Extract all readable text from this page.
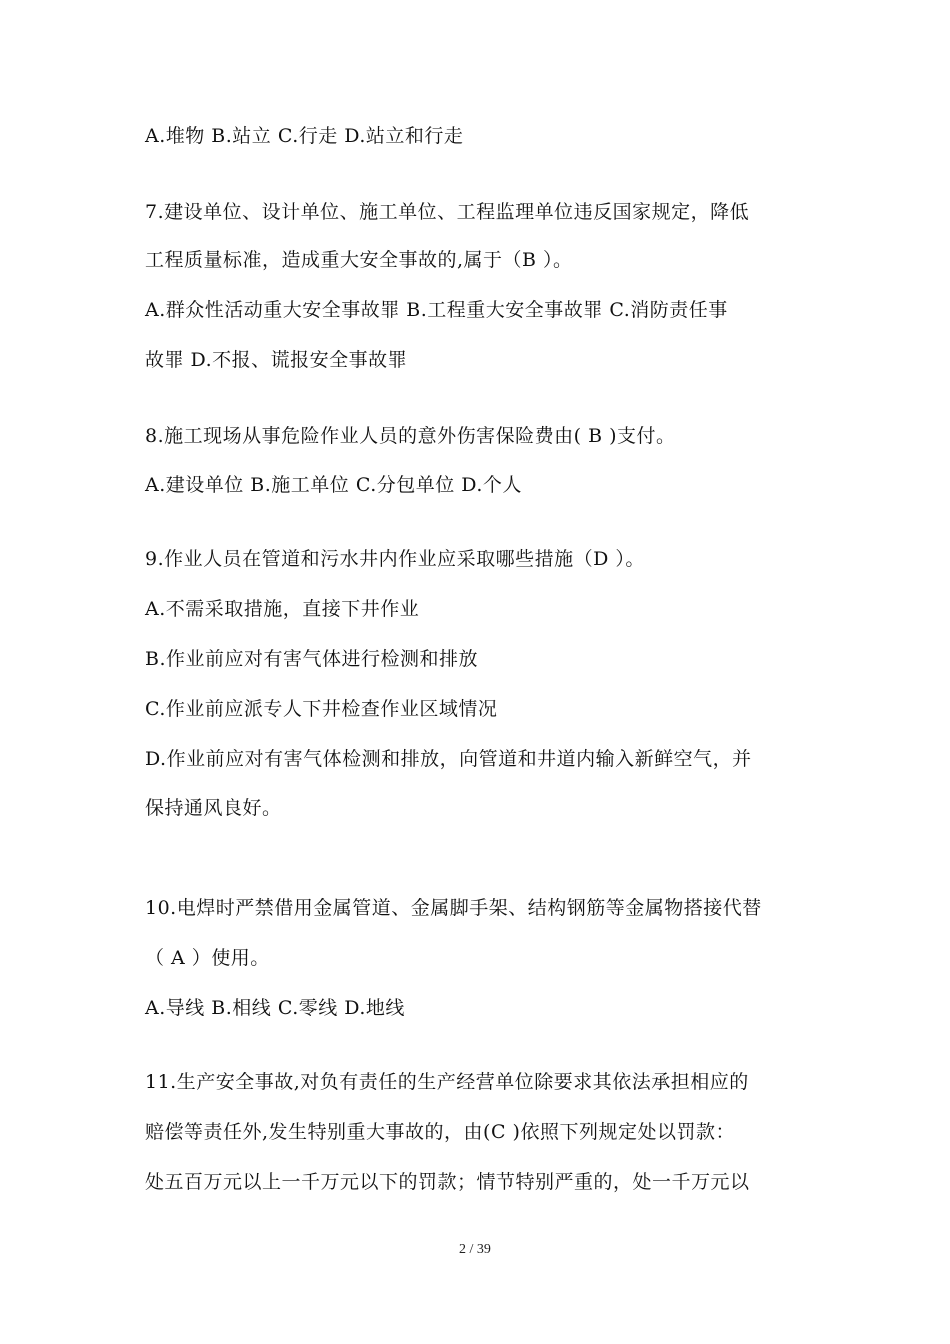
A.堆物 B.站立 C.行走 D.站立和行走
7.建设单位、设计单位、施工单位、工程监理单位违反国家规定，降低
工程质量标准，造成重大安全事故的,属于（B ）。
A.群众性活动重大安全事故罪 B.工程重大安全事故罪 C.消防责任事
故罪 D.不报、谎报安全事故罪
8.施工现场从事危险作业人员的意外伤害保险费由( B )支付。
A.建设单位 B.施工单位 C.分包单位 D.个人
9.作业人员在管道和污水井内作业应采取哪些措施（D ）。
A.不需采取措施，直接下井作业
B.作业前应对有害气体进行检测和排放
C.作业前应派专人下井检查作业区域情况
D.作业前应对有害气体检测和排放，向管道和井道内输入新鲜空气，并
保持通风良好。
10.电焊时严禁借用金属管道、金属脚手架、结构钢筋等金属物搭接代替
（ A ）使用。
A.导线 B.相线 C.零线 D.地线
11.生产安全事故,对负有责任的生产经营单位除要求其依法承担相应的
赔偿等责任外,发生特别重大事故的，由(C )依照下列规定处以罚款：
处五百万元以上一千万元以下的罚款；情节特别严重的，处一千万元以
2 / 39
